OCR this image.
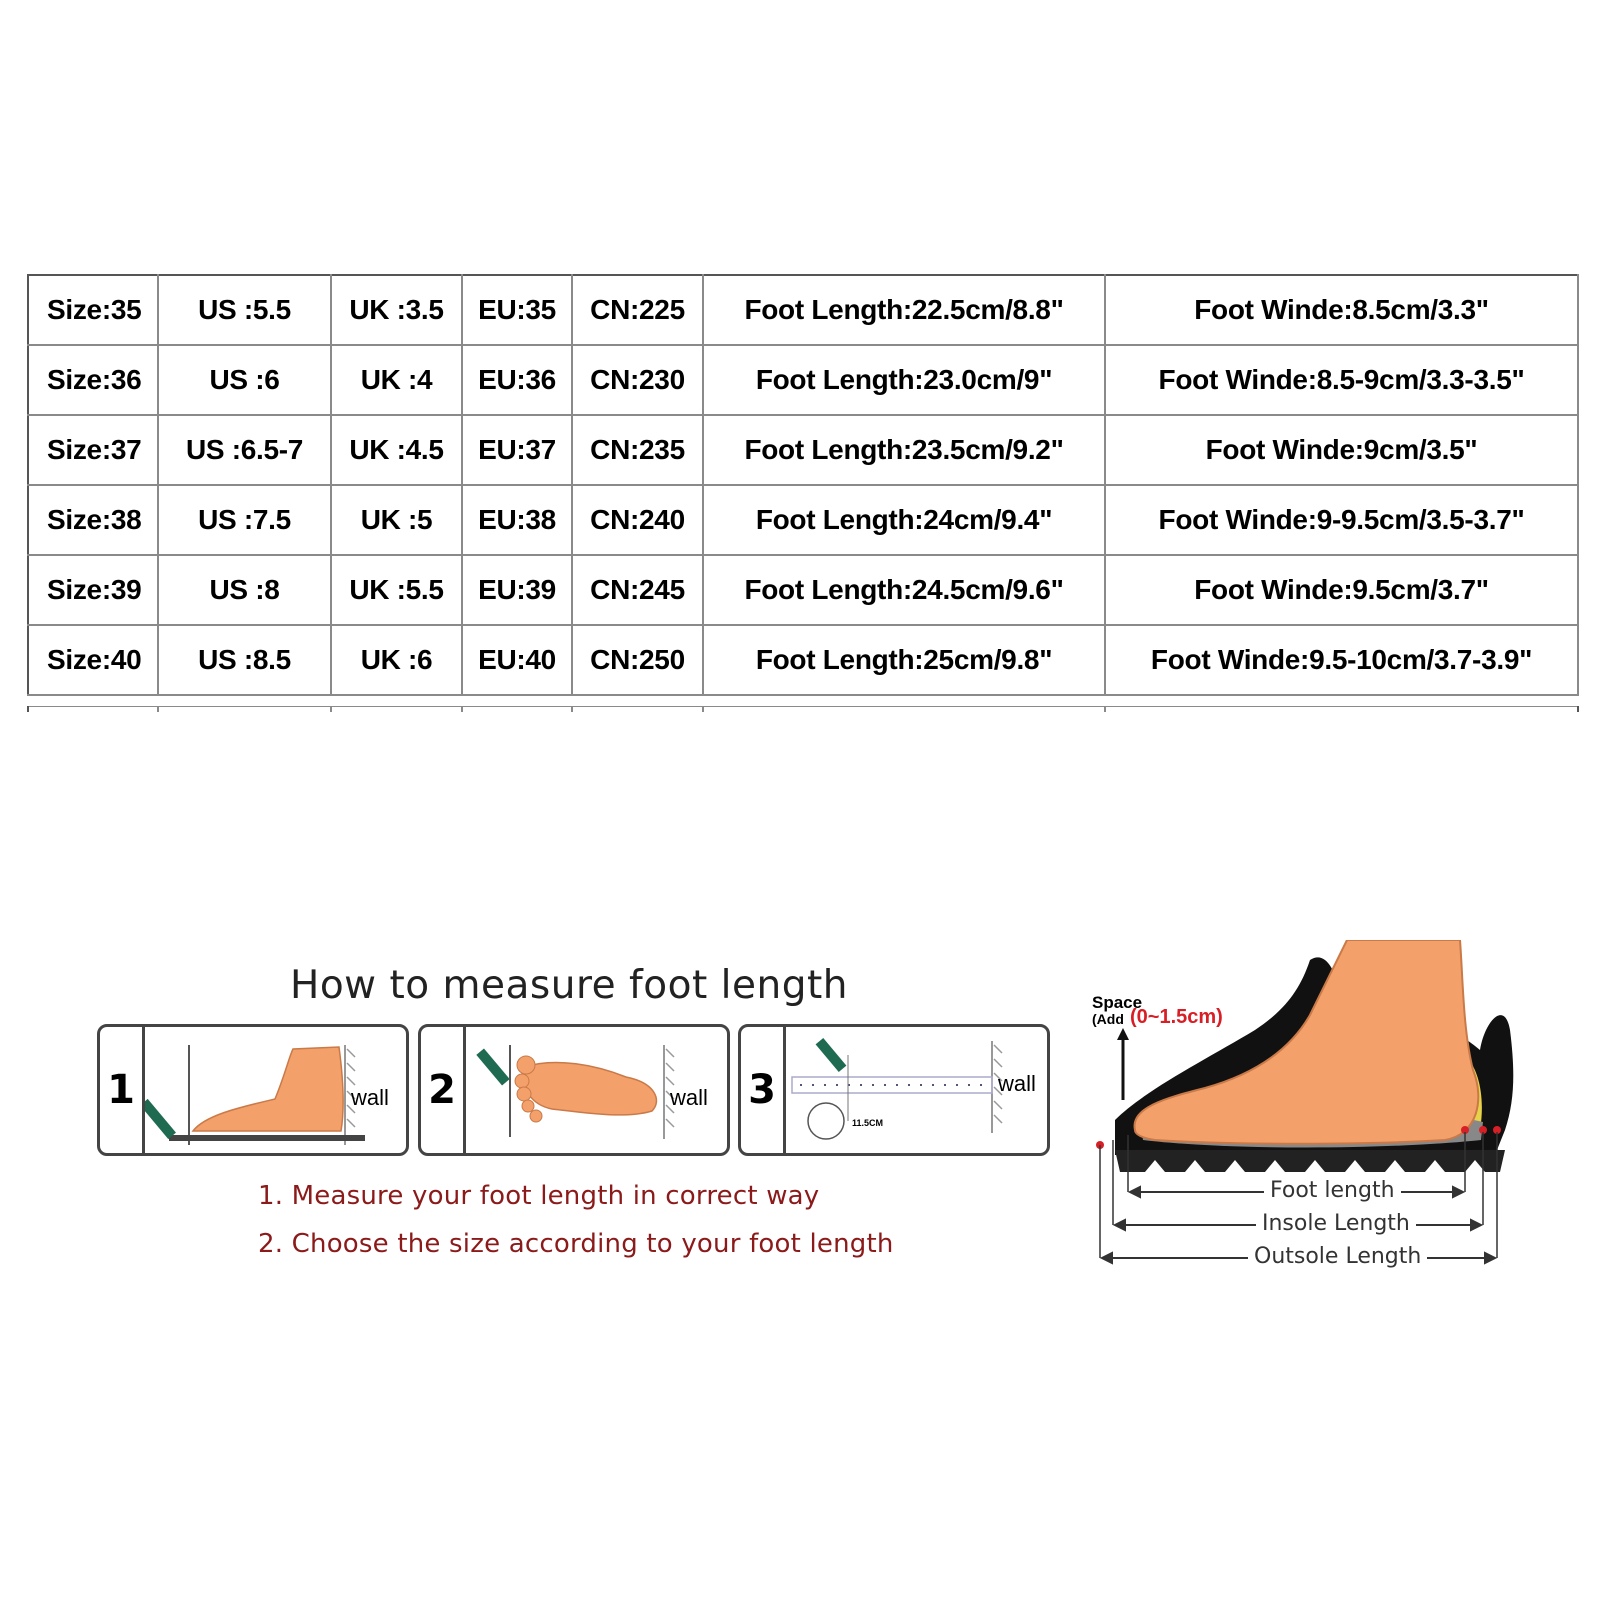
Size:35	US :5.5	UK :3.5	EU:35	CN:225	Foot Length:22.5cm/8.8"	Foot Winde:8.5cm/3.3"
Size:36	US :6	UK :4	EU:36	CN:230	Foot Length:23.0cm/9"	Foot Winde:8.5-9cm/3.3-3.5"
Size:37	US :6.5-7	UK :4.5	EU:37	CN:235	Foot Length:23.5cm/9.2"	Foot Winde:9cm/3.5"
Size:38	US :7.5	UK :5	EU:38	CN:240	Foot Length:24cm/9.4"	Foot Winde:9-9.5cm/3.5-3.7"
Size:39	US :8	UK :5.5	EU:39	CN:245	Foot Length:24.5cm/9.6"	Foot Winde:9.5cm/3.7"
Size:40	US :8.5	UK :6	EU:40	CN:250	Foot Length:25cm/9.8"	Foot Winde:9.5-10cm/3.7-3.9"
How to measure foot length
1	wall 2	wall 3
11.5CM
wall
1. Measure your foot length in correct way
2. Choose the size according to your foot length
Space
(Add (0~1.5cm)
Foot length
Insole Length
Outsole Length
